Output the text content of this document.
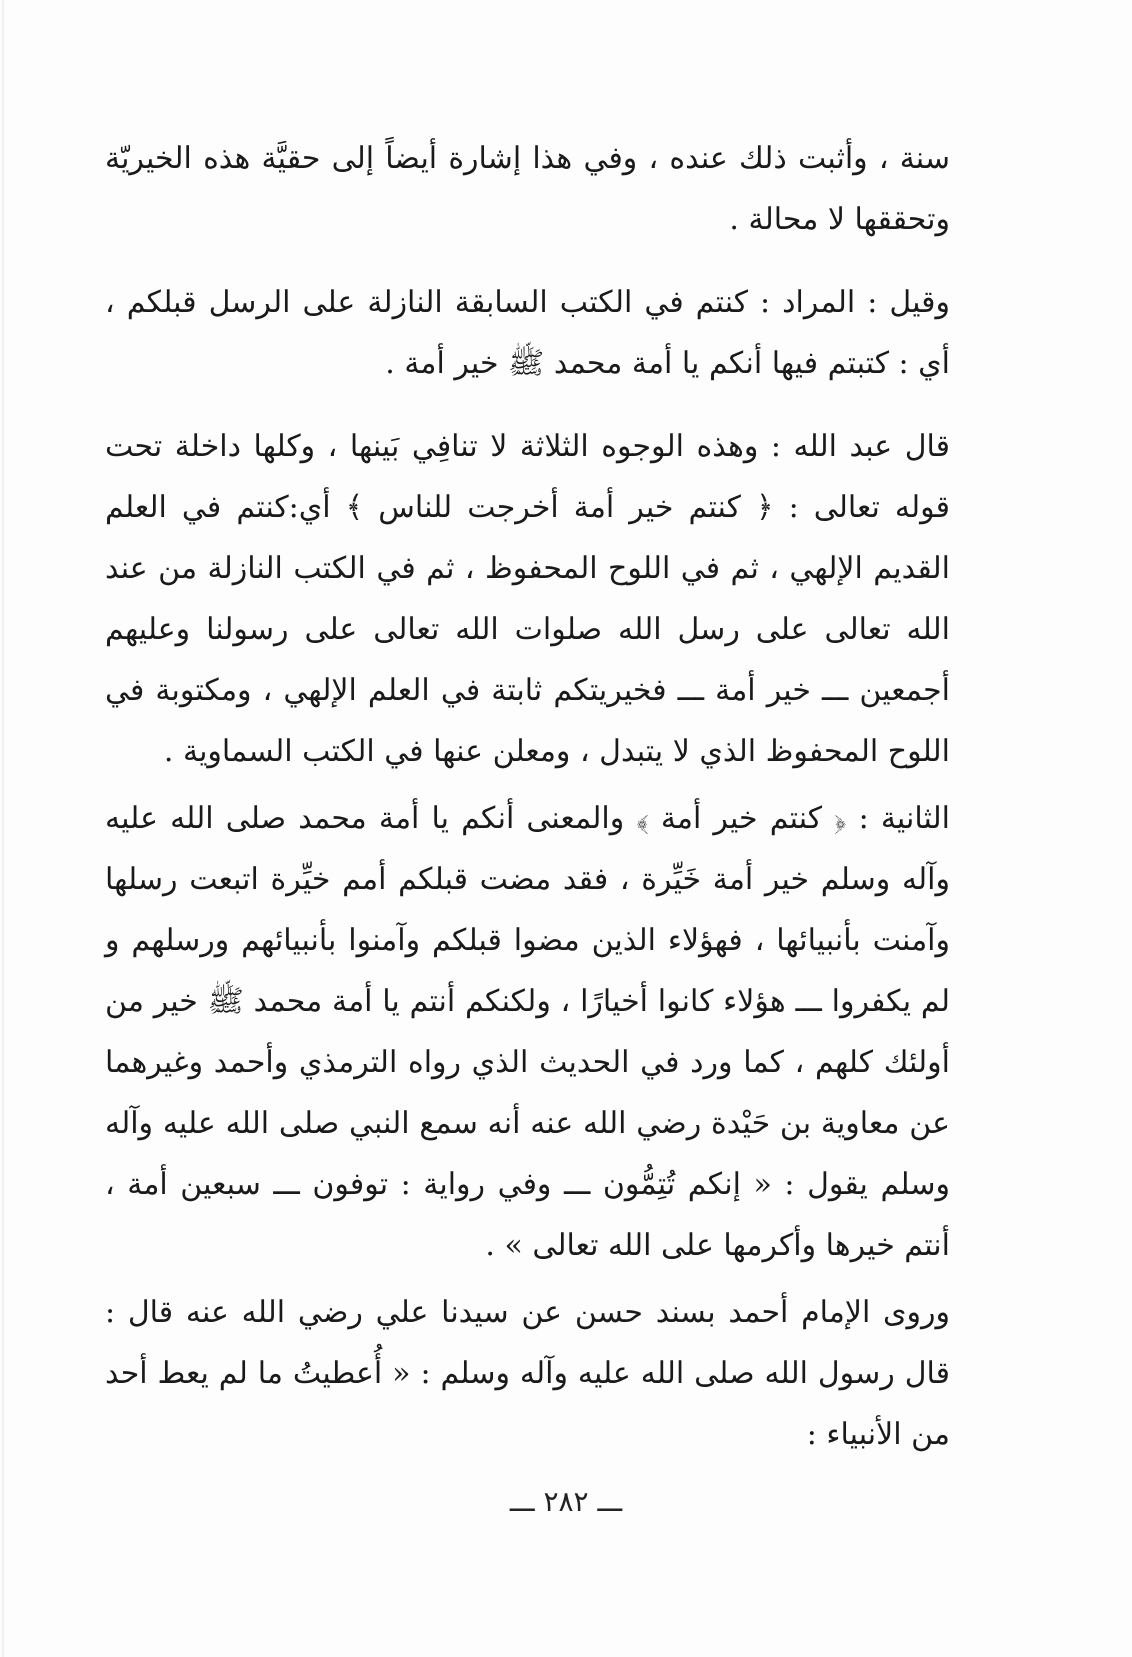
سنة ، وأثبت ذلك عنده ، وفي هذا إشارة أيضاً إلى حقيَّة هذه الخيريّة وتحققها لا محالة .

وقيل : المراد : كنتم في الكتب السابقة النازلة على الرسل قبلكم ، أي : كتبتم فيها أنكم يا أمة محمد ﷺ خير أمة .

قال عبد الله : وهذه الوجوه الثلاثة لا تنافِي بَينها ، وكلها داخلة تحت قوله تعالى : ﴿ كنتم خير أمة أخرجت للناس ﴾ أي:كنتم في العلم القديم الإلهي ، ثم في اللوح المحفوظ ، ثم في الكتب النازلة من عند الله تعالى على رسل الله صلوات الله تعالى على رسولنا وعليهم أجمعين ـــ خير أمة ـــ فخيريتكم ثابتة في العلم الإلهي ، ومكتوبة في اللوح المحفوظ الذي لا يتبدل ، ومعلن عنها في الكتب السماوية .

الثانية : ﴿ كنتم خير أمة ﴾ والمعنى أنكم يا أمة محمد صلى الله عليه وآله وسلم خير أمة خَيِّرة ، فقد مضت قبلكم أمم خيِّرة اتبعت رسلها وآمنت بأنبيائها ، فهؤلاء الذين مضوا قبلكم وآمنوا بأنبيائهم ورسلهم و لم يكفروا ـــ هؤلاء كانوا أخيارًا ، ولكنكم أنتم يا أمة محمد ﷺ خير من أولئك كلهم ، كما ورد في الحديث الذي رواه الترمذي وأحمد وغيرهما عن معاوية بن حَيْدة رضي الله عنه أنه سمع النبي صلى الله عليه وآله وسلم يقول : « إنكم تُتِمُّون ـــ وفي رواية : توفون ـــ سبعين أمة ، أنتم خيرها وأكرمها على الله تعالى » .

وروى الإمام أحمد بسند حسن عن سيدنا علي رضي الله عنه قال : قال رسول الله صلى الله عليه وآله وسلم : « أُعطيتُ ما لم يعط أحد من الأنبياء :

ـــ ٢٨٢ ـــ
